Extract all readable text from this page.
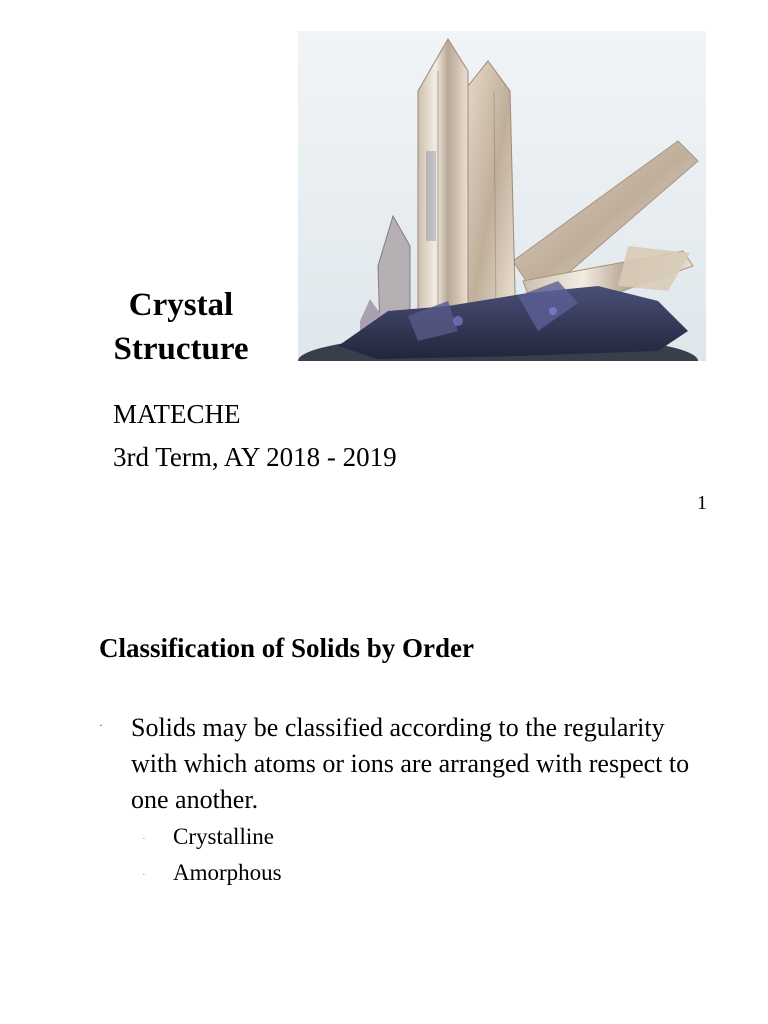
Crystal
Structure
MATECHE
3rd Term, AY 2018 - 2019
1
Classification of Solids by Order
· Solids may be classified according to the regularity with which atoms or ions are arranged with respect to one another.
· Crystalline
· Amorphous
